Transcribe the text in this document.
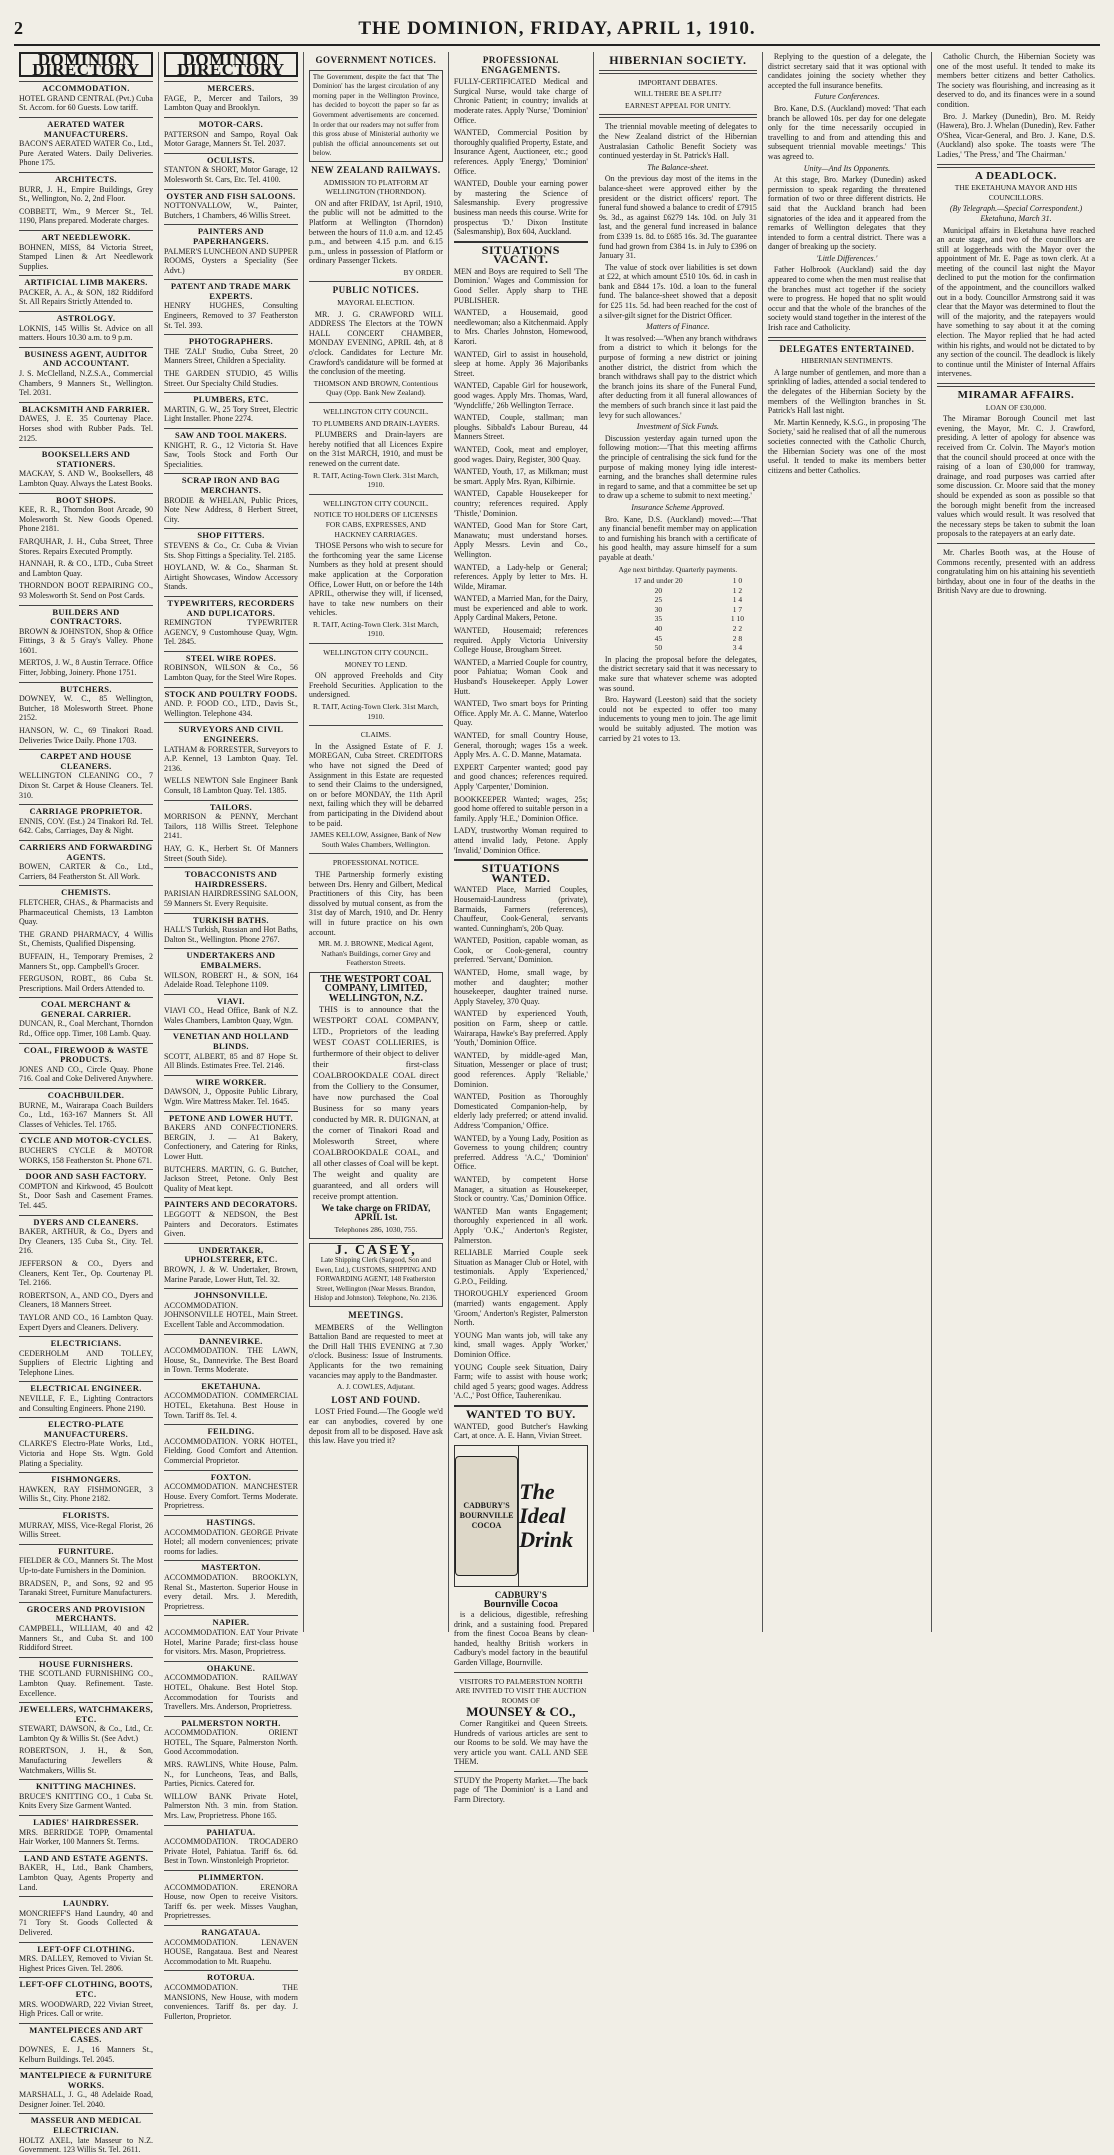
2	THE DOMINION, FRIDAY, APRIL 1, 1910.
DOMINION DIRECTORY
ACCOMMODATION.
HOTEL GRAND CENTRAL (Pvt.) Cuba St. Accom. for 60 Guests. Low tariff.
AERATED WATER MANUFACTURERS.
BACON'S AERATED WATER Co., Ltd., Pure Aerated Waters. Daily Deliveries. Phone 175.
ARCHITECTS.
BURR, J. H., Empire Buildings, Grey St., Wellington, No. 2, 2nd Floor.
COBBETT, Wm., 9 Mercer St., Tel. 1190, Plans prepared. Moderate charges.
ART NEEDLEWORK.
BOHNEN, MISS, 84 Victoria Street, Stamped Linen & Art Needlework Supplies.
ARTIFICIAL LIMB MAKERS.
PACKER, A. A., & SON, 182 Riddiford St. All Repairs Strictly Attended to.
ASTROLOGY.
LOKNIS, 145 Willis St. Advice on all matters. Hours 10.30 a.m. to 9 p.m.
BUSINESS AGENT, AUDITOR AND ACCOUNTANT.
J. S. McClelland, N.Z.S.A., Commercial Chambers, 9 Manners St., Wellington. Tel. 2031.
BLACKSMITH AND FARRIER.
DAWES, J. E. 35 Courtenay Place. Horses shod with Rubber Pads. Tel. 2125.
BOOKSELLERS AND STATIONERS.
MACKAY, S. AND W., Booksellers, 48 Lambton Quay. Always the Latest Books.
BOOT SHOPS.
KEE, R. R., Thorndon Boot Arcade, 90 Molesworth St. New Goods Opened. Phone 2181.
FARQUHAR, J. H., Cuba Street, Three Stores. Repairs Executed Promptly.
HANNAH, R. & CO., LTD., Cuba Street and Lambton Quay.
THORNDON BOOT REPAIRING CO., 93 Molesworth St. Send on Post Cards.
BUILDERS AND CONTRACTORS.
BROWN & JOHNSTON, Shop & Office Fittings, 3 & 5 Gray's Valley. Phone 1601.
MERTOS, J. W., 8 Austin Terrace. Office Fitter, Jobbing, Joinery. Phone 1751.
BUTCHERS.
DOWNEY, W. C., 85 Wellington, Butcher, 18 Molesworth Street. Phone 2152.
HANSON, W. C., 69 Tinakori Road. Deliveries Twice Daily. Phone 1703.
CARPET AND HOUSE CLEANERS.
WELLINGTON CLEANING CO., 7 Dixon St. Carpet & House Cleaners. Tel. 310.
CARRIAGE PROPRIETOR.
ENNIS, COY. (Est.) 24 Tinakori Rd. Tel. 642. Cabs, Carriages, Day & Night.
CARRIERS AND FORWARDING AGENTS.
BOWEN, CARTER & Co., Ltd., Carriers, 84 Featherston St. All Work.
CHEMISTS.
FLETCHER, CHAS., & Pharmacists and Pharmaceutical Chemists, 13 Lambton Quay.
THE GRAND PHARMACY, 4 Willis St., Chemists, Qualified Dispensing.
BUFFAIN, H., Temporary Premises, 2 Manners St., opp. Campbell's Grocer.
FERGUSON, ROBT., 86 Cuba St. Prescriptions. Mail Orders Attended to.
COAL MERCHANT & GENERAL CARRIER.
DUNCAN, R., Coal Merchant, Thorndon Rd., Office opp. Timer, 108 Lamb. Quay.
COAL, FIREWOOD & WASTE PRODUCTS.
JONES AND CO., Circle Quay. Phone 716. Coal and Coke Delivered Anywhere.
COACHBUILDER.
BURNE, M., Wairarapa Coach Builders Co., Ltd., 163-167 Manners St. All Classes of Vehicles. Tel. 1765.
CYCLE AND MOTOR-CYCLES.
BUCHER'S CYCLE & MOTOR WORKS, 158 Featherston St. Phone 671.
DOOR AND SASH FACTORY.
COMPTON and Kirkwood, 45 Boulcott St., Door Sash and Casement Frames. Tel. 445.
DYERS AND CLEANERS.
BAKER, ARTHUR, & Co., Dyers and Dry Cleaners, 135 Cuba St., City. Tel. 216.
JEFFERSON & CO., Dyers and Cleaners, Kent Ter., Op. Courtenay Pl. Tel. 2166.
ROBERTSON, A., AND CO., Dyers and Cleaners, 18 Manners Street.
TAYLOR AND CO., 16 Lambton Quay. Expert Dyers and Cleaners. Delivery.
ELECTRICIANS.
CEDERHOLM AND TOLLEY, Suppliers of Electric Lighting and Telephone Lines.
ELECTRICAL ENGINEER.
NEVILLE, F. E., Lighting Contractors and Consulting Engineers. Phone 2190.
ELECTRO-PLATE MANUFACTURERS.
CLARKE'S Electro-Plate Works, Ltd., Victoria and Hope Sts. Wgtn. Gold Plating a Speciality.
FISHMONGERS.
HAWKEN, RAY FISHMONGER, 3 Willis St., City. Phone 2182.
FLORISTS.
MURRAY, MISS, Vice-Regal Florist, 26 Willis Street.
FURNITURE.
FIELDER & CO., Manners St. The Most Up-to-date Furnishers in the Dominion.
BRADSEN, P., and Sons, 92 and 95 Taranaki Street, Furniture Manufacturers.
GROCERS AND PROVISION MERCHANTS.
CAMPBELL, WILLIAM, 40 and 42 Manners St., and Cuba St. and 100 Riddiford Street.
HOUSE FURNISHERS.
THE SCOTLAND FURNISHING CO., Lambton Quay. Refinement. Taste. Excellence.
JEWELLERS, WATCHMAKERS, ETC.
STEWART, DAWSON, & Co., Ltd., Cr. Lambton Qy & Willis St. (See Advt.)
ROBERTSON, J. H., & Son, Manufacturing Jewellers & Watchmakers, Willis St.
KNITTING MACHINES.
BRUCE'S KNITTING CO., 1 Cuba St. Knits Every Size Garment Wanted.
LADIES' HAIRDRESSER.
MRS. BERRIDGE TOPP, Ornamental Hair Worker, 100 Manners St. Terms.
LAND AND ESTATE AGENTS.
BAKER, H., Ltd., Bank Chambers, Lambton Quay, Agents Property and Land.
LAUNDRY.
MONCRIEFF'S Hand Laundry, 40 and 71 Tory St. Goods Collected & Delivered.
LEFT-OFF CLOTHING.
MRS. DALLEY, Removed to Vivian St. Highest Prices Given. Tel. 2806.
LEFT-OFF CLOTHING, BOOTS, ETC.
MRS. WOODWARD, 222 Vivian Street, High Prices. Call or write.
MANTELPIECES AND ART CASES.
DOWNES, E. J., 16 Manners St., Kelburn Buildings. Tel. 2045.
MANTELPIECE & FURNITURE WORKS.
MARSHALL, J. G., 48 Adelaide Road, Designer Joiner. Tel. 2040.
MASSEUR AND MEDICAL ELECTRICIAN.
HOLTZ AXEL, late Masseur to N.Z. Government. 123 Willis St. Tel. 2611.
DOMINION DIRECTORY
MERCERS.
FAGE, P., Mercer and Tailors, 39 Lambton Quay and Brooklyn.
MOTOR-CARS.
PATTERSON and Sampo, Royal Oak Motor Garage, Manners St. Tel. 2037.
OCULISTS.
STANTON & SHORT, Motor Garage, 12 Molesworth St. Cars, Etc. Tel. 4100.
OYSTER AND FISH SALOONS.
NOTTONVALLOW, W., Painter, Butchers, 1 Chambers, 46 Willis Street.
PAINTERS AND PAPERHANGERS.
PALMER'S LUNCHEON AND SUPPER ROOMS, Oysters a Speciality (See Advt.)
PATENT AND TRADE MARK EXPERTS.
HENRY HUGHES, Consulting Engineers, Removed to 37 Featherston St. Tel. 393.
PHOTOGRAPHERS.
THE 'ZALI' Studio, Cuba Street, 20 Manners Street, Children a Speciality.
THE GARDEN STUDIO, 45 Willis Street. Our Specialty Child Studies.
PLUMBERS, ETC.
MARTIN, G. W., 25 Tory Street, Electric Light Installer. Phone 2274.
SAW AND TOOL MAKERS.
KNIGHT, R. G., 12 Victoria St. Have Saw, Tools Stock and Forth Our Specialities.
SCRAP IRON AND BAG MERCHANTS.
BRODIE & WHELAN, Public Prices, Note New Address, 8 Herbert Street, City.
SHOP FITTERS.
STEVENS & Co., Cr. Cuba & Vivian Sts. Shop Fittings a Speciality. Tel. 2185.
HOYLAND, W. & Co., Sharman St. Airtight Showcases, Window Accessory Stands.
TYPEWRITERS, RECORDERS AND DUPLICATORS.
REMINGTON TYPEWRITER AGENCY, 9 Customhouse Quay, Wgtn. Tel. 2845.
STEEL WIRE ROPES.
ROBINSON, WILSON & Co., 56 Lambton Quay, for the Steel Wire Ropes.
STOCK AND POULTRY FOODS.
AND. P. FOOD CO., LTD., Davis St., Wellington. Telephone 434.
SURVEYORS AND CIVIL ENGINEERS.
LATHAM & FORRESTER, Surveyors to A.P. Kennel, 13 Lambton Quay. Tel. 2136.
WELLS NEWTON Sale Engineer Bank Consult, 18 Lambton Quay. Tel. 1385.
TAILORS.
MORRISON & PENNY, Merchant Tailors, 118 Willis Street. Telephone 2141.
HAY, G. K., Herbert St. Of Manners Street (South Side).
TOBACCONISTS AND HAIRDRESSERS.
PARISIAN HAIRDRESSING SALOON, 59 Manners St. Every Requisite.
TURKISH BATHS.
HALL'S Turkish, Russian and Hot Baths, Dalton St., Wellington. Phone 2767.
UNDERTAKERS AND EMBALMERS.
WILSON, ROBERT H., & SON, 164 Adelaide Road. Telephone 1109.
VIAVI.
VIAVI CO., Head Office, Bank of N.Z. Wales Chambers, Lambton Quay, Wgtn.
VENETIAN AND HOLLAND BLINDS.
SCOTT, ALBERT, 85 and 87 Hope St. All Blinds. Estimates Free. Tel. 2146.
WIRE WORKER.
DAWSON, J., Opposite Public Library, Wgtn. Wire Mattress Maker. Tel. 1645.
PETONE AND LOWER HUTT.
BAKERS AND CONFECTIONERS. BERGIN, J. — A1 Bakery, Confectionery, and Catering for Rinks, Lower Hutt.
BUTCHERS. MARTIN, G. G. Butcher, Jackson Street, Petone. Only Best Quality of Meat kept.
PAINTERS AND DECORATORS.
LEGGOTT & NEDSON, the Best Painters and Decorators. Estimates Given.
UNDERTAKER, UPHOLSTERER, ETC.
BROWN, J. & W. Undertaker, Brown, Marine Parade, Lower Hutt, Tel. 32.
JOHNSONVILLE.
ACCOMMODATION. JOHNSONVILLE HOTEL, Main Street. Excellent Table and Accommodation.
DANNEVIRKE.
ACCOMMODATION. THE LAWN, House, St., Dannevirke. The Best Board in Town. Terms Moderate.
EKETAHUNA.
ACCOMMODATION. COMMERCIAL HOTEL, Eketahuna. Best House in Town. Tariff 8s. Tel. 4.
FEILDING.
ACCOMMODATION. YORK HOTEL, Fielding. Good Comfort and Attention. Commercial Proprietor.
FOXTON.
ACCOMMODATION. MANCHESTER House. Every Comfort. Terms Moderate. Proprietress.
HASTINGS.
ACCOMMODATION. GEORGE Private Hotel; all modern conveniences; private rooms for ladies.
MASTERTON.
ACCOMMODATION. BROOKLYN, Renal St., Masterton. Superior House in every detail. Mrs. J. Meredith, Proprietress.
NAPIER.
ACCOMMODATION. EAT Your Private Hotel, Marine Parade; first-class house for visitors. Mrs. Mason, Proprietress.
OHAKUNE.
ACCOMMODATION. RAILWAY HOTEL, Ohakune. Best Hotel Stop. Accommodation for Tourists and Travellers. Mrs. Anderson, Proprietress.
PALMERSTON NORTH.
ACCOMMODATION. ORIENT HOTEL, The Square, Palmerston North. Good Accommodation.
MRS. RAWLINS, White House, Palm. N., for Luncheons, Teas, and Balls, Parties, Picnics. Catered for.
WILLOW BANK Private Hotel, Palmerston Nth. 3 min. from Station. Mrs. Law, Proprietress. Phone 165.
PAHIATUA.
ACCOMMODATION. TROCADERO Private Hotel, Pahiatua. Tariff 6s. 6d. Best in Town. Winstonleigh Proprietor.
PLIMMERTON.
ACCOMMODATION. ERENORA House, now Open to receive Visitors. Tariff 6s. per week. Misses Vaughan, Proprietresses.
RANGATAUA.
ACCOMMODATION. LENAVEN HOUSE, Rangataua. Best and Nearest Accommodation to Mt. Ruapehu.
ROTORUA.
ACCOMMODATION. THE MANSIONS, New House, with modern conveniences. Tariff 8s. per day. J. Fullerton, Proprietor.
GOVERNMENT NOTICES.
The Government, despite the fact that 'The Dominion' has the largest circulation of any morning paper in the Wellington Province, has decided to boycott the paper so far as Government advertisements are concerned. In order that our readers may not suffer from this gross abuse of Ministerial authority we publish the official announcements set out below.
NEW ZEALAND RAILWAYS.
ADMISSION TO PLATFORM AT WELLINGTON (THORNDON).

ON and after FRIDAY, 1st April, 1910, the public will not be admitted to the Platform at Wellington (Thorndon) between the hours of 11.0 a.m. and 12.45 p.m., and between 4.15 p.m. and 6.15 p.m., unless in possession of Platform or ordinary Passenger Tickets.

BY ORDER.
PUBLIC NOTICES.
MAYORAL ELECTION.

MR. J. G. CRAWFORD WILL ADDRESS The Electors at the TOWN HALL CONCERT CHAMBER, MONDAY EVENING, APRIL 4th, at 8 o'clock. Candidates for Lecture Mr. Crawford's candidature will be formed at the conclusion of the meeting.

THOMSON AND BROWN, Contentious Quay (Opp. Bank New Zealand).
WELLINGTON CITY COUNCIL.
TO PLUMBERS AND DRAIN-LAYERS.

PLUMBERS and Drain-layers are hereby notified that all Licences Expire on the 31st MARCH, 1910, and must be renewed on the current date.

R. TAIT, Acting-Town Clerk. 31st March, 1910.
WELLINGTON CITY COUNCIL.
NOTICE TO HOLDERS OF LICENSES FOR CABS, EXPRESSES, AND HACKNEY CARRIAGES.

THOSE Persons who wish to secure for the forthcoming year the same License Numbers as they hold at present should make application at the Corporation Office, Lower Hutt, on or before the 14th APRIL, otherwise they will, if licensed, have to take new numbers on their vehicles.

R. TAIT, Acting-Town Clerk. 31st March, 1910.
WELLINGTON CITY COUNCIL.
MONEY TO LEND.

ON approved Freeholds and City Freehold Securities. Application to the undersigned.

R. TAIT, Acting-Town Clerk. 31st March, 1910.
CLAIMS.

In the Assigned Estate of F. J. MOREGAN, Cuba Street. CREDITORS who have not signed the Deed of Assignment in this Estate are requested to send their Claims to the undersigned, on or before MONDAY, the 11th April next, failing which they will be debarred from participating in the Dividend about to be paid.

JAMES KELLOW, Assignee, Bank of New South Wales Chambers, Wellington.
PROFESSIONAL NOTICE.

THE Partnership formerly existing between Drs. Henry and Gilbert, Medical Practitioners of this City, has been dissolved by mutual consent, as from the 31st day of March, 1910, and Dr. Henry will in future practice on his own account.

MR. M. J. BROWNE, Medical Agent, Nathan's Buildings, corner Grey and Featherston Streets.
THE WESTPORT COAL COMPANY, LIMITED, WELLINGTON, N.Z.

THIS is to announce that the WESTPORT COAL COMPANY, LTD., Proprietors of the leading WEST COAST COLLIERIES, is furthermore of their object to deliver their first-class COALBROOKDALE COAL direct from the Colliery to the Consumer, have now purchased the Coal Business for so many years conducted by MR. R. DUIGNAN, at the corner of Tinakori Road and Molesworth Street, where COALBROOKDALE COAL, and all other classes of Coal will be kept. The weight and quality are guaranteed, and all orders will receive prompt attention.

We take charge on FRIDAY, APRIL 1st.
Telephones 286, 1030, 755.
J. CASEY,
Late Shipping Clerk (Sargood, Son and Ewen, Ltd.), CUSTOMS, SHIPPING AND FORWARDING AGENT, 148 Featherston Street, Wellington (Near Messrs. Brandon, Hislop and Johnston). Telephone, No. 2136.
MEETINGS.

MEMBERS of the Wellington Battalion Band are requested to meet at the Drill Hall THIS EVENING at 7.30 o'clock. Business: Issue of Instruments. Applicants for the two remaining vacancies may apply to the Bandmaster.

A. J. COWLES, Adjutant.
LOST AND FOUND.

LOST Fried Found.—The Google we'd ear can anybodies, covered by one deposit from all to be disposed. Have ask this law. Have you tried it?

PROFESSIONAL ENGAGEMENTS.
FULLY-CERTIFICATED Medical and Surgical Nurse, would take charge of Chronic Patient; in country; invalids at moderate rates. Apply 'Nurse,' 'Dominion' Office.
WANTED, Commercial Position by thoroughly qualified Property, Estate, and Insurance Agent, Auctioneer, etc.; good references. Apply 'Energy,' 'Dominion' Office.
WANTED, Double your earning power by mastering the Science of Salesmanship. Every progressive business man needs this course. Write for prospectus 'D.' Dixon Institute (Salesmanship), Box 604, Auckland.
SITUATIONS VACANT.
MEN and Boys are required to Sell 'The Dominion.' Wages and Commission for Good Seller. Apply sharp to THE PUBLISHER.
WANTED, a Housemaid, good needlewoman; also a Kitchenmaid. Apply to Mrs. Charles Johnston, Homewood, Karori.
WANTED, Girl to assist in household, sleep at home. Apply 36 Majoribanks Street.
WANTED, Capable Girl for housework, good wages. Apply Mrs. Thomas, Ward, 'Wyndcliffe,' 26b Wellington Terrace.
WANTED, Couple, stallman; man ploughs. Sibbald's Labour Bureau, 44 Manners Street.
WANTED, Cook, meat and employer, good wages. Dairy, Register, 300 Quay.
WANTED, Youth, 17, as Milkman; must be smart. Apply Mrs. Ryan, Kilbirnie.
WANTED, Capable Housekeeper for country; references required. Apply 'Thistle,' Dominion.
WANTED, Good Man for Store Cart, Manawatu; must understand horses. Apply Messrs. Levin and Co., Wellington.
WANTED, a Lady-help or General; references. Apply by letter to Mrs. H. Wilde, Miramar.
WANTED, a Married Man, for the Dairy, must be experienced and able to work. Apply Cardinal Makers, Petone.
WANTED, Housemaid; references required. Apply Victoria University College House, Brougham Street.
WANTED, a Married Couple for country, poor Pahiatua; Woman Cook and Husband's Housekeeper. Apply Lower Hutt.
WANTED, Two smart boys for Printing Office. Apply Mr. A. C. Manne, Waterloo Quay.
WANTED, for small Country House, General, thorough; wages 15s a week. Apply Mrs. A. C. D. Manne, Matamata.
EXPERT Carpenter wanted; good pay and good chances; references required. Apply 'Carpenter,' Dominion.
BOOKKEEPER Wanted; wages, 25s; good home offered to suitable person in a family. Apply 'H.E.,' Dominion Office.
LADY, trustworthy Woman required to attend invalid lady, Petone. Apply 'Invalid,' Dominion Office.
SITUATIONS WANTED.
WANTED Place, Married Couples, Housemaid-Laundress (private), Barmaids, Farmers (references), Chauffeur, Cook-General, servants wanted. Cunningham's, 20b Quay.
WANTED, Position, capable woman, as Cook, or Cook-general, country preferred. 'Servant,' Dominion.
WANTED, Home, small wage, by mother and daughter; mother housekeeper, daughter trained nurse. Apply Staveley, 370 Quay.
WANTED by experienced Youth, position on Farm, sheep or cattle. Wairarapa, Hawke's Bay preferred. Apply 'Youth,' Dominion Office.
WANTED, by middle-aged Man, Situation, Messenger or place of trust; good references. Apply 'Reliable,' Dominion.
WANTED, Position as Thoroughly Domesticated Companion-help, by elderly lady preferred; or attend invalid. Address 'Companion,' Office.
WANTED, by a Young Lady, Position as Governess to young children; country preferred. Address 'A.C.,' 'Dominion' Office.
WANTED, by competent Horse Manager, a situation as Housekeeper, Stock or country. 'Cas,' Dominion Office.
WANTED Man wants Engagement; thoroughly experienced in all work. Apply 'O.K.,' Anderton's Register, Palmerston.
RELIABLE Married Couple seek Situation as Manager Club or Hotel, with testimonials. Apply 'Experienced,' G.P.O., Feilding.
THOROUGHLY experienced Groom (married) wants engagement. Apply 'Groom,' Anderton's Register, Palmerston North.
YOUNG Man wants job, will take any kind, small wages. Apply 'Worker,' Dominion Office.
YOUNG Couple seek Situation, Dairy Farm; wife to assist with house work; child aged 5 years; good wages. Address 'A.C.,' Post Office, Tauherenikau.
WANTED TO BUY.
WANTED, good Butcher's Hawking Cart, at once. A. E. Hann, Vivian Street.
CADBURY'S BOURNVILLE COCOA
The Ideal Drink
CADBURY'S
Bournville Cocoa

is a delicious, digestible, refreshing drink, and a sustaining food. Prepared from the finest Cocoa Beans by clean-handed, healthy British workers in Cadbury's model factory in the beautiful Garden Village, Bournville.

VISITORS TO PALMERSTON NORTH ARE INVITED TO VISIT THE AUCTION ROOMS OF
MOUNSEY & CO.,

Corner Rangitikei and Queen Streets. Hundreds of various articles are sent to our Rooms to be sold. We may have the very article you want. CALL AND SEE THEM.

STUDY the Property Market.—The back page of 'The Dominion' is a Land and Farm Directory.
HIBERNIAN SOCIETY.
IMPORTANT DEBATES.
WILL THERE BE A SPLIT?
EARNEST APPEAL FOR UNITY.

The triennial movable meeting of delegates to the New Zealand district of the Hibernian Australasian Catholic Benefit Society was continued yesterday in St. Patrick's Hall.

The Balance-sheet.

On the previous day most of the items in the balance-sheet were approved either by the president or the district officers' report. The funeral fund showed a balance to credit of £7915 9s. 3d., as against £6279 14s. 10d. on July 31 last, and the general fund increased in balance from £339 1s. 8d. to £685 16s. 3d. The guarantee fund had grown from £384 1s. in July to £396 on January 31.

The value of stock over liabilities is set down at £22, at which amount £510 10s. 6d. in cash in bank and £844 17s. 10d. a loan to the funeral fund. The balance-sheet showed that a deposit for £25 11s. 5d. had been reached for the cost of a silver-gilt signet for the District Officer.

Matters of Finance.

It was resolved:—'When any branch withdraws from a district to which it belongs for the purpose of forming a new district or joining another district, the district from which the branch withdraws shall pay to the district which the branch joins its share of the Funeral Fund, after deducting from it all funeral allowances of the members of such branch since it last paid the levy for such allowances.'

Investment of Sick Funds.

Discussion yesterday again turned upon the following motion:—'That this meeting affirms the principle of centralising the sick fund for the purpose of making money lying idle interest-earning, and the branches shall determine rules in regard to same, and that a committee be set up to draw up a scheme to submit to next meeting.'

Insurance Scheme Approved.

Bro. Kane, D.S. (Auckland) moved:—'That any financial benefit member may on application to and furnishing his branch with a certificate of his good health, may assure himself for a sum payable at death.'

Age next birthday. Quarterly payments.
17 and under 20	1 0
20	1 2
25	1 4
30	1 7
35	1 10
40	2 2
45	2 8
50	3 4

In placing the proposal before the delegates, the district secretary said that it was necessary to make sure that whatever scheme was adopted was sound.

Bro. Hayward (Leeston) said that the society could not be expected to offer too many inducements to young men to join. The age limit would be suitably adjusted. The motion was carried by 21 votes to 13.

Replying to the question of a delegate, the district secretary said that it was optional with candidates joining the society whether they accepted the full insurance benefits.

Future Conferences.

Bro. Kane, D.S. (Auckland) moved: 'That each branch be allowed 10s. per day for one delegate only for the time necessarily occupied in travelling to and from and attending this and subsequent triennial movable meetings.' This was agreed to.

Unity—And Its Opponents.

At this stage, Bro. Markey (Dunedin) asked permission to speak regarding the threatened formation of two or three different districts. He said that the Auckland branch had been signatories of the idea and it appeared from the remarks of Wellington delegates that they intended to form a central district. There was a danger of breaking up the society.

'Little Differences.'

Father Holbrook (Auckland) said the day appeared to come when the men must realise that the branches must act together if the society were to progress. He hoped that no split would occur and that the whole of the branches of the society would stand together in the interest of the Irish race and Catholicity.

DELEGATES ENTERTAINED.
HIBERNIAN SENTIMENTS.

A large number of gentlemen, and more than a sprinkling of ladies, attended a social tendered to the delegates of the Hibernian Society by the members of the Wellington branches in St. Patrick's Hall last night.

Mr. Martin Kennedy, K.S.G., in proposing 'The Society,' said he realised that of all the numerous societies connected with the Catholic Church, the Hibernian Society was one of the most useful. It tended to make its members better citizens and better Catholics.

Catholic Church, the Hibernian Society was one of the most useful. It tended to make its members better citizens and better Catholics. The society was flourishing, and increasing as it deserved to do, and its finances were in a sound condition.

Bro. J. Markey (Dunedin), Bro. M. Reidy (Hawera), Bro. J. Whelan (Dunedin), Rev. Father O'Shea, Vicar-General, and Bro. J. Kane, D.S. (Auckland) also spoke. The toasts were 'The Ladies,' 'The Press,' and 'The Chairman.'

A DEADLOCK.
THE EKETAHUNA MAYOR AND HIS COUNCILLORS.
(By Telegraph.—Special Correspondent.) Eketahuna, March 31.

Municipal affairs in Eketahuna have reached an acute stage, and two of the councillors are still at loggerheads with the Mayor over the appointment of Mr. E. Page as town clerk. At a meeting of the council last night the Mayor declined to put the motion for the confirmation of the appointment, and the councillors walked out in a body. Councillor Armstrong said it was clear that the Mayor was determined to flout the will of the majority, and the ratepayers would have something to say about it at the coming election. The Mayor replied that he had acted within his rights, and would not be dictated to by any section of the council. The deadlock is likely to continue until the Minister of Internal Affairs intervenes.

MIRAMAR AFFAIRS.
LOAN OF £30,000.

The Miramar Borough Council met last evening, the Mayor, Mr. C. J. Crawford, presiding. A letter of apology for absence was received from Cr. Colvin. The Mayor's motion that the council should proceed at once with the raising of a loan of £30,000 for tramway, drainage, and road purposes was carried after some discussion. Cr. Moore said that the money should be expended as soon as possible so that the borough might benefit from the increased values which would result. It was resolved that the necessary steps be taken to submit the loan proposals to the ratepayers at an early date.

Mr. Charles Booth was, at the House of Commons recently, presented with an address congratulating him on his attaining his seventieth birthday, about one in four of the deaths in the British Navy are due to drowning.
